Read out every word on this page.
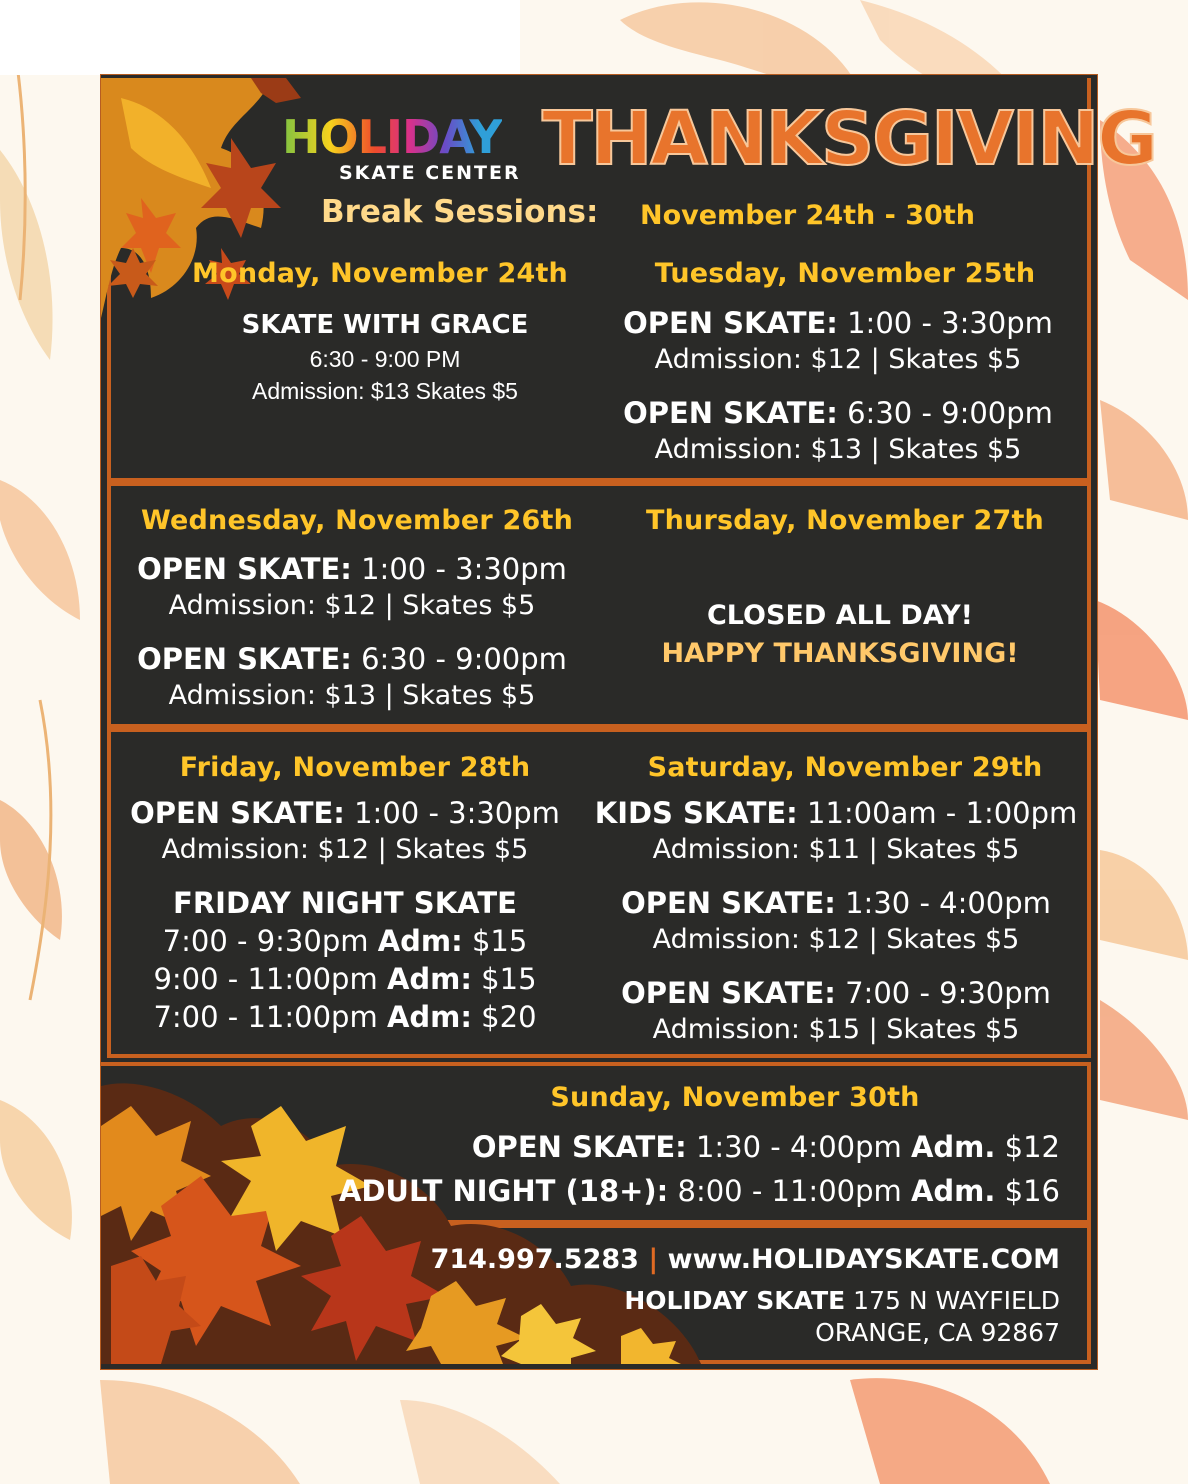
HOLIDAY
SKATE CENTER THANKSGIVING
Break Sessions: November 24th - 30th
Monday, November 24th
SKATE WITH GRACE
6:30 - 9:00 PM
Admission: $13 Skates $5
Tuesday, November 25th
OPEN SKATE: 1:00 - 3:30pm
Admission: $12 | Skates $5
OPEN SKATE: 6:30 - 9:00pm
Admission: $13 | Skates $5
Wednesday, November 26th
OPEN SKATE: 1:00 - 3:30pm
Admission: $12 | Skates $5
OPEN SKATE: 6:30 - 9:00pm
Admission: $13 | Skates $5
Thursday, November 27th
CLOSED ALL DAY!
HAPPY THANKSGIVING!
Friday, November 28th
OPEN SKATE: 1:00 - 3:30pm
Admission: $12 | Skates $5
FRIDAY NIGHT SKATE
7:00 - 9:30pm Adm: $15
9:00 - 11:00pm Adm: $15
7:00 - 11:00pm Adm: $20
Saturday, November 29th
KIDS SKATE: 11:00am - 1:00pm
Admission: $11 | Skates $5
OPEN SKATE: 1:30 - 4:00pm
Admission: $12 | Skates $5
OPEN SKATE: 7:00 - 9:30pm
Admission: $15 | Skates $5
Sunday, November 30th
OPEN SKATE: 1:30 - 4:00pm Adm. $12
ADULT NIGHT (18+): 8:00 - 11:00pm Adm. $16
714.997.5283 | www.HOLIDAYSKATE.COM
HOLIDAY SKATE 175 N WAYFIELD
ORANGE, CA 92867
